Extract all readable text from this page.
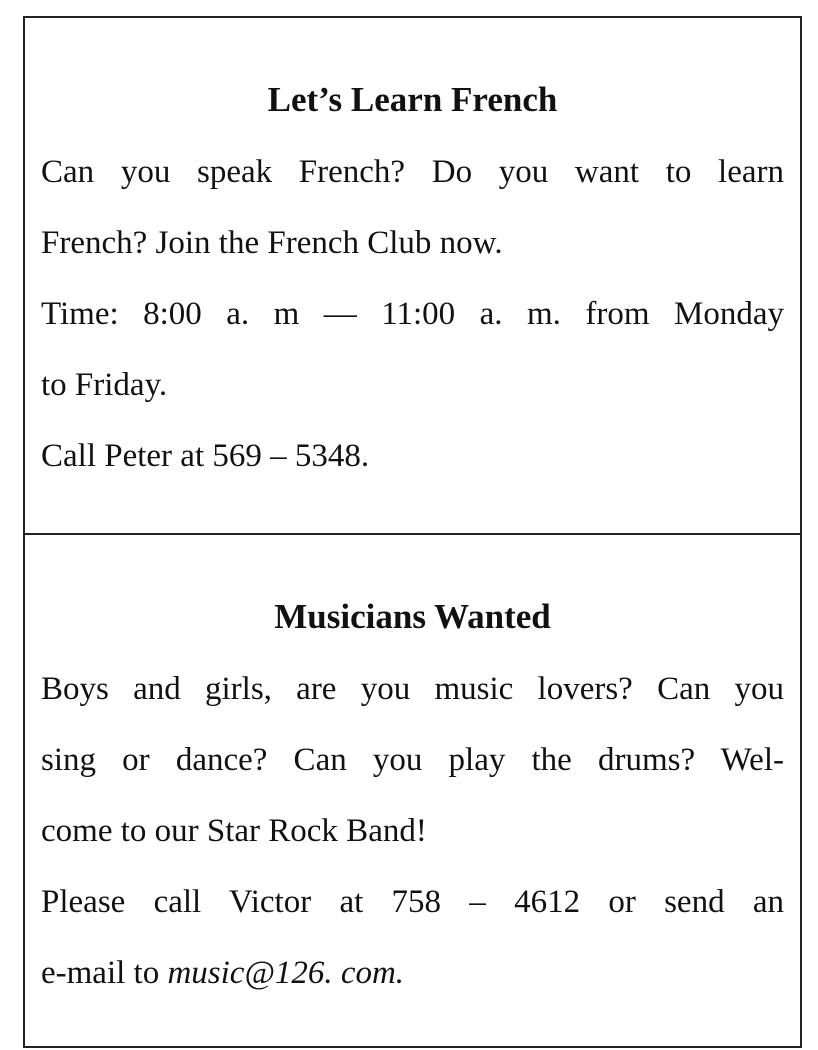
Let’s Learn French
Can you speak French? Do you want to learn
French? Join the French Club now.
Time: 8:00 a. m — 11:00 a. m. from Monday
to Friday.
Call Peter at 569 – 5348.
Musicians Wanted
Boys and girls, are you music lovers? Can you
sing or dance? Can you play the drums? Wel-
come to our Star Rock Band!
Please call Victor at 758 – 4612 or send an
e-mail to music@126. com.
